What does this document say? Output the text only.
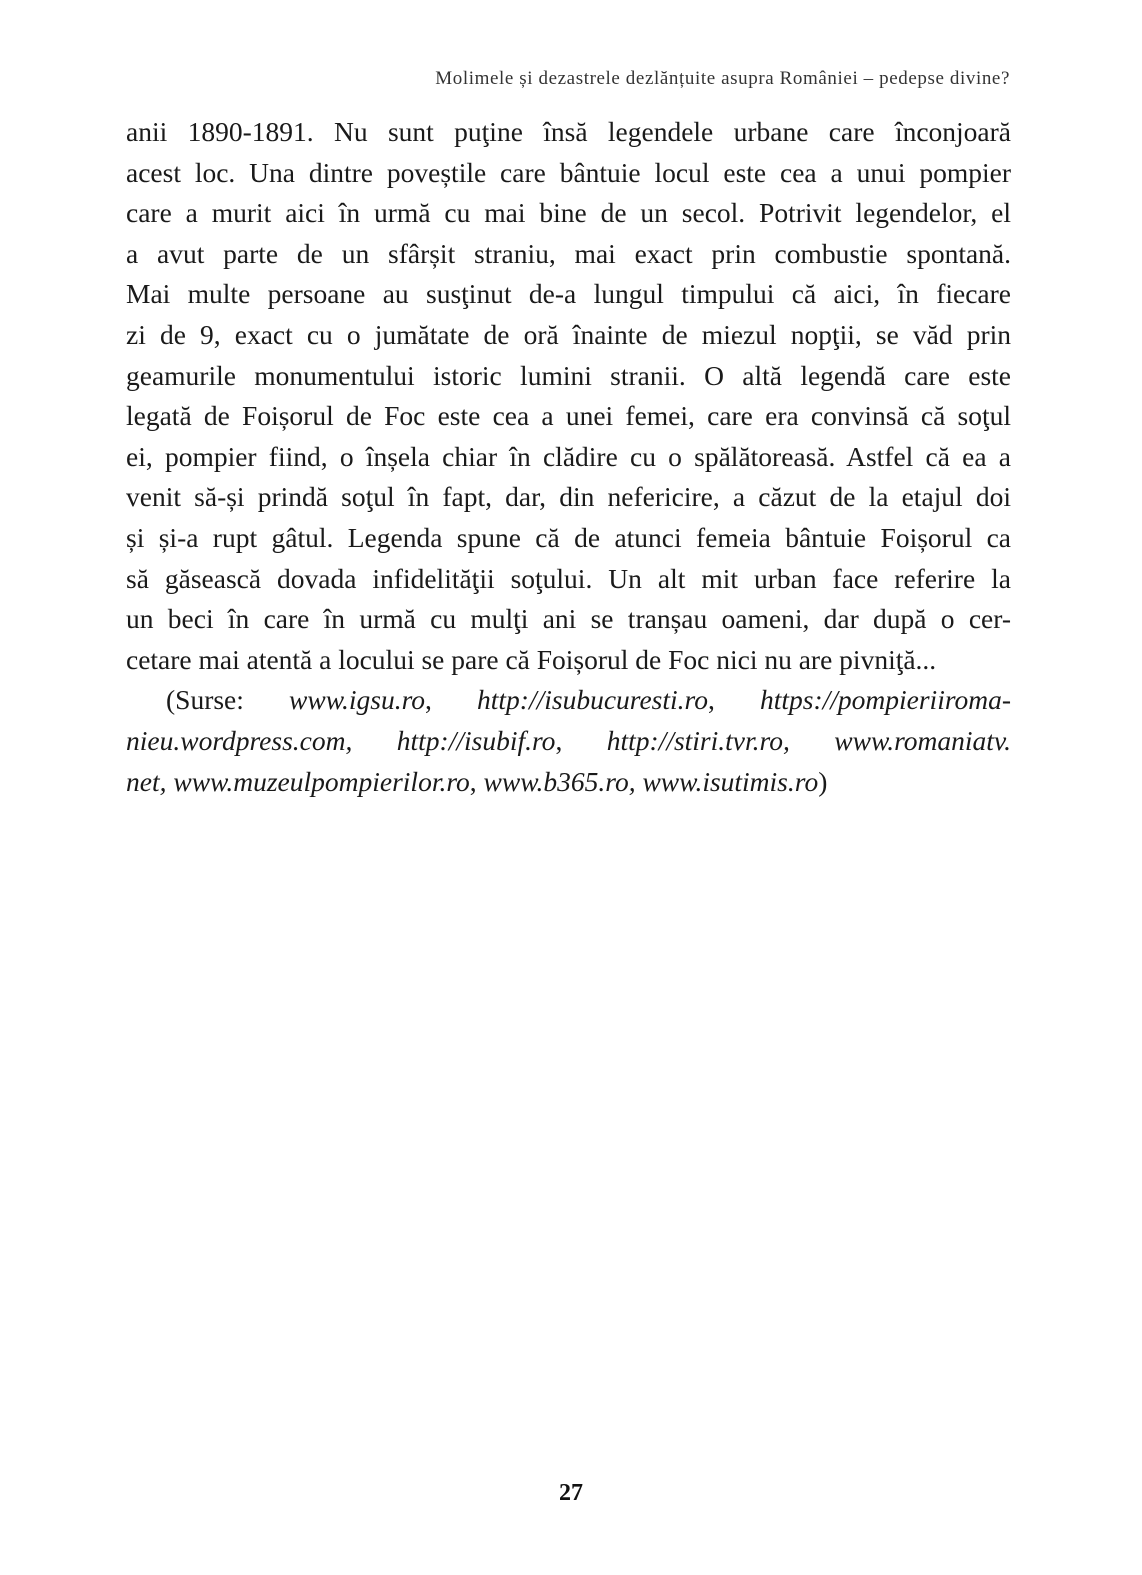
Molimele și dezastrele dezlănțuite asupra României – pedepse divine?
anii 1890-1891. Nu sunt puţine însă legendele urbane care înconjoară
acest loc. Una dintre poveștile care bântuie locul este cea a unui pompier
care a murit aici în urmă cu mai bine de un secol. Potrivit legendelor, el
a avut parte de un sfârșit straniu, mai exact prin combustie spontană.
Mai multe persoane au susţinut de-a lungul timpului că aici, în fiecare
zi de 9, exact cu o jumătate de oră înainte de miezul nopţii, se văd prin
geamurile monumentului istoric lumini stranii. O altă legendă care este
legată de Foișorul de Foc este cea a unei femei, care era convinsă că soţul
ei, pompier fiind, o înșela chiar în clădire cu o spălătoreasă. Astfel că ea a
venit să-și prindă soţul în fapt, dar, din nefericire, a căzut de la etajul doi
și și-a rupt gâtul. Legenda spune că de atunci femeia bântuie Foișorul ca
să găsească dovada infidelităţii soţului. Un alt mit urban face referire la
un beci în care în urmă cu mulţi ani se tranșau oameni, dar după o cer-
cetare mai atentă a locului se pare că Foișorul de Foc nici nu are pivniţă...
(Surse: www.igsu.ro, http://isubucuresti.ro, https://pompieriiroma-
nieu.wordpress.com, http://isubif.ro, http://stiri.tvr.ro, www.romaniatv.
net, www.muzeulpompierilor.ro, www.b365.ro, www.isutimis.ro)
27
